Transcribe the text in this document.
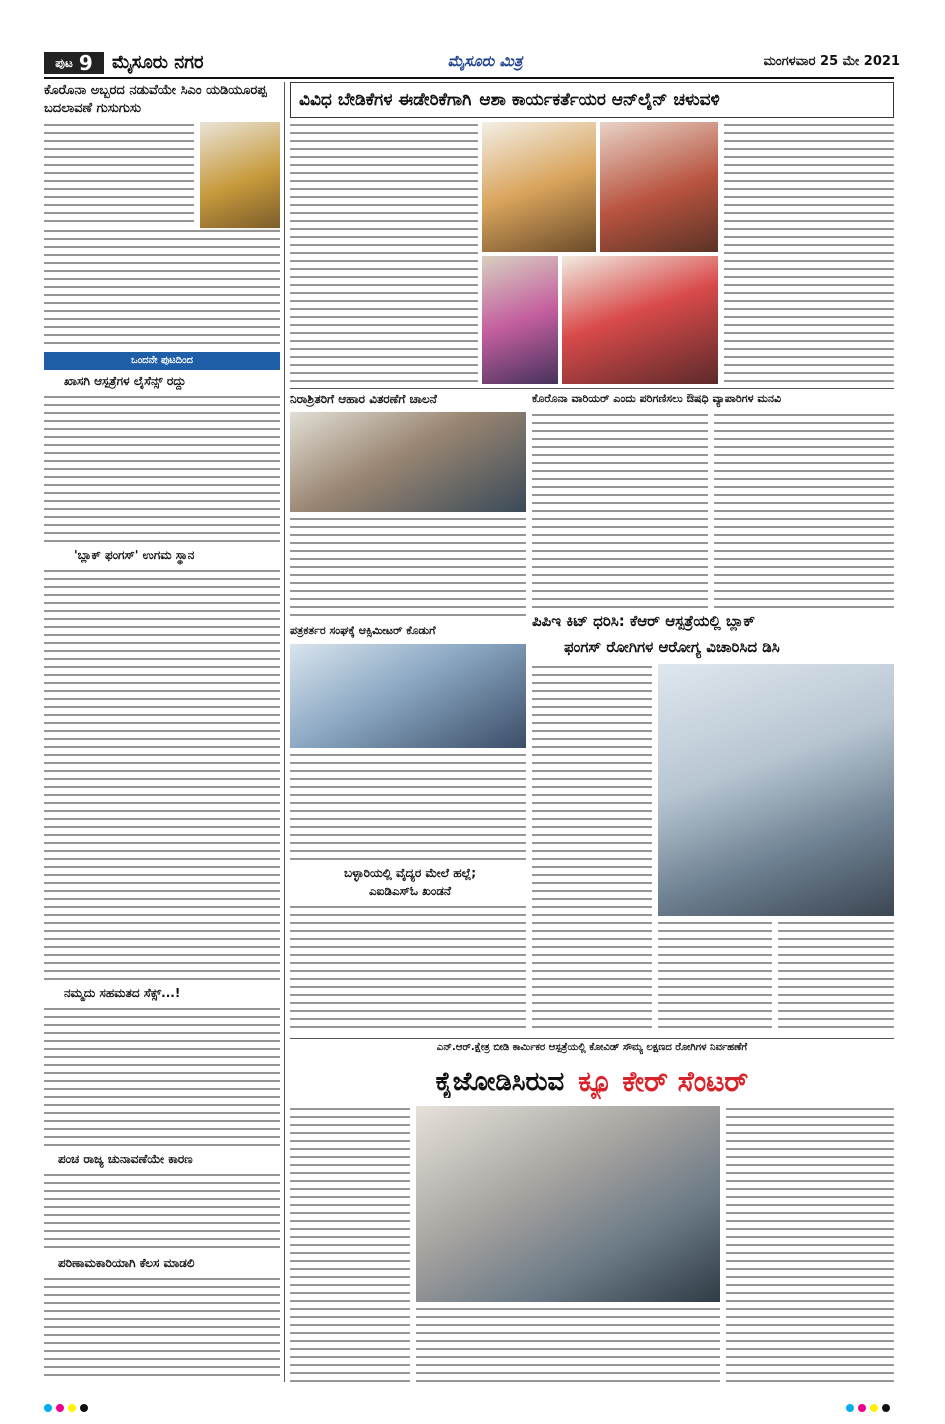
ಪುಟ 9 ಮೈಸೂರು ನಗರ	ಮೈಸೂರು ಮಿತ್ರ	ಮಂಗಳವಾರ 25 ಮೇ 2021
ಕೊರೊನಾ ಅಬ್ಬರದ ನಡುವೆಯೇ ಸಿಎಂ ಯಡಿಯೂರಪ್ಪ ಬದಲಾವಣೆ ಗುಸುಗುಸು
ಒಂದನೇ ಪುಟದಿಂದ
ಖಾಸಗಿ ಆಸ್ಪತ್ರೆಗಳ ಲೈಸೆನ್ಸ್ ರದ್ದು
'ಬ್ಲಾಕ್ ಫಂಗಸ್' ಉಗಮ ಸ್ಥಾನ
ನಮ್ಮದು ಸಹಮತದ ಸೆಕ್ಸ್...!
ಪಂಚ ರಾಜ್ಯ ಚುನಾವಣೆಯೇ ಕಾರಣ
ಪರಿಣಾಮಕಾರಿಯಾಗಿ ಕೆಲಸ ಮಾಡಲಿ
ವಿವಿಧ ಬೇಡಿಕೆಗಳ ಈಡೇರಿಕೆಗಾಗಿ ಆಶಾ ಕಾರ್ಯಕರ್ತೆಯರ ಆನ್‌ಲೈನ್ ಚಳುವಳಿ
ನಿರಾಶ್ರಿತರಿಗೆ ಆಹಾರ ವಿತರಣೆಗೆ ಚಾಲನೆ
ಪತ್ರಕರ್ತರ ಸಂಘಕ್ಕೆ ಆಕ್ಸಿಮೀಟರ್ ಕೊಡುಗೆ
ಬಳ್ಳಾರಿಯಲ್ಲಿ ವೈದ್ಯರ ಮೇಲೆ ಹಲ್ಲೆ;
ಎಐಡಿಎಸ್‌ಓ ಖಂಡನೆ
ಕೊರೊನಾ ವಾರಿಯರ್ ಎಂದು ಪರಿಗಣಿಸಲು ಔಷಧಿ ವ್ಯಾಪಾರಿಗಳ ಮನವಿ
ಪಿಪಿಇ ಕಿಟ್ ಧರಿಸಿ: ಕೆಆರ್ ಆಸ್ಪತ್ರೆಯಲ್ಲಿ ಬ್ಲಾಕ್
ಫಂಗಸ್ ರೋಗಿಗಳ ಆರೋಗ್ಯ ವಿಚಾರಿಸಿದ ಡಿಸಿ
ಎನ್.ಆರ್.ಕ್ಷೇತ್ರ ಬೀಡಿ ಕಾರ್ಮಿಕರ ಆಸ್ಪತ್ರೆಯಲ್ಲಿ ಕೋವಿಡ್ ಸೌಮ್ಯ ಲಕ್ಷಣದ ರೋಗಿಗಳ ನಿರ್ವಹಣೆಗೆ
ಕೈಜೋಡಿಸಿರುವ ಕ್ಯೂ ಕೇರ್ ಸೆಂಟರ್
